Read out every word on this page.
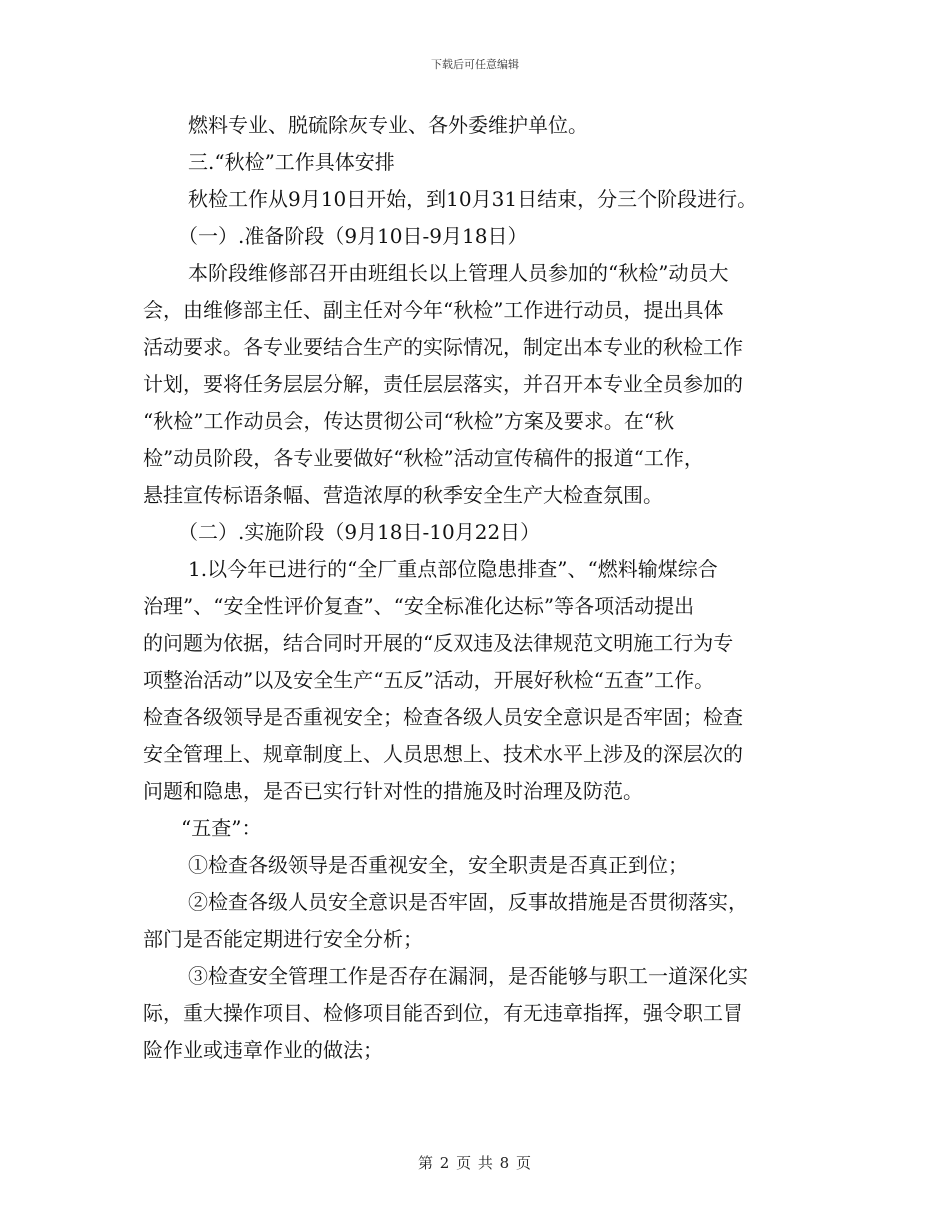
下载后可任意编辑
燃料专业、脱硫除灰专业、各外委维护单位。
三.“秋检”工作具体安排
秋检工作从9月10日开始，到10月31日结束，分三个阶段进行。
（一）.准备阶段（9月10日-9月18日）
本阶段维修部召开由班组长以上管理人员参加的“秋检”动员大
会，由维修部主任、副主任对今年“秋检”工作进行动员，提出具体
活动要求。各专业要结合生产的实际情况，制定出本专业的秋检工作
计划，要将任务层层分解，责任层层落实，并召开本专业全员参加的
“秋检”工作动员会，传达贯彻公司“秋检”方案及要求。在“秋
检”动员阶段，各专业要做好“秋检”活动宣传稿件的报道“工作，
悬挂宣传标语条幅、营造浓厚的秋季安全生产大检查氛围。
（二）.实施阶段（9月18日-10月22日）
1.以今年已进行的“全厂重点部位隐患排查”、“燃料输煤综合
治理”、“安全性评价复查”、“安全标准化达标”等各项活动提出
的问题为依据，结合同时开展的“反双违及法律规范文明施工行为专
项整治活动”以及安全生产“五反”活动，开展好秋检“五查”工作。
检查各级领导是否重视安全；检查各级人员安全意识是否牢固；检查
安全管理上、规章制度上、人员思想上、技术水平上涉及的深层次的
问题和隐患，是否已实行针对性的措施及时治理及防范。
“五查”：
①检查各级领导是否重视安全，安全职责是否真正到位；
②检查各级人员安全意识是否牢固，反事故措施是否贯彻落实，
部门是否能定期进行安全分析；
③检查安全管理工作是否存在漏洞，是否能够与职工一道深化实
际，重大操作项目、检修项目能否到位，有无违章指挥，强令职工冒
险作业或违章作业的做法；
第 2 页 共 8 页
